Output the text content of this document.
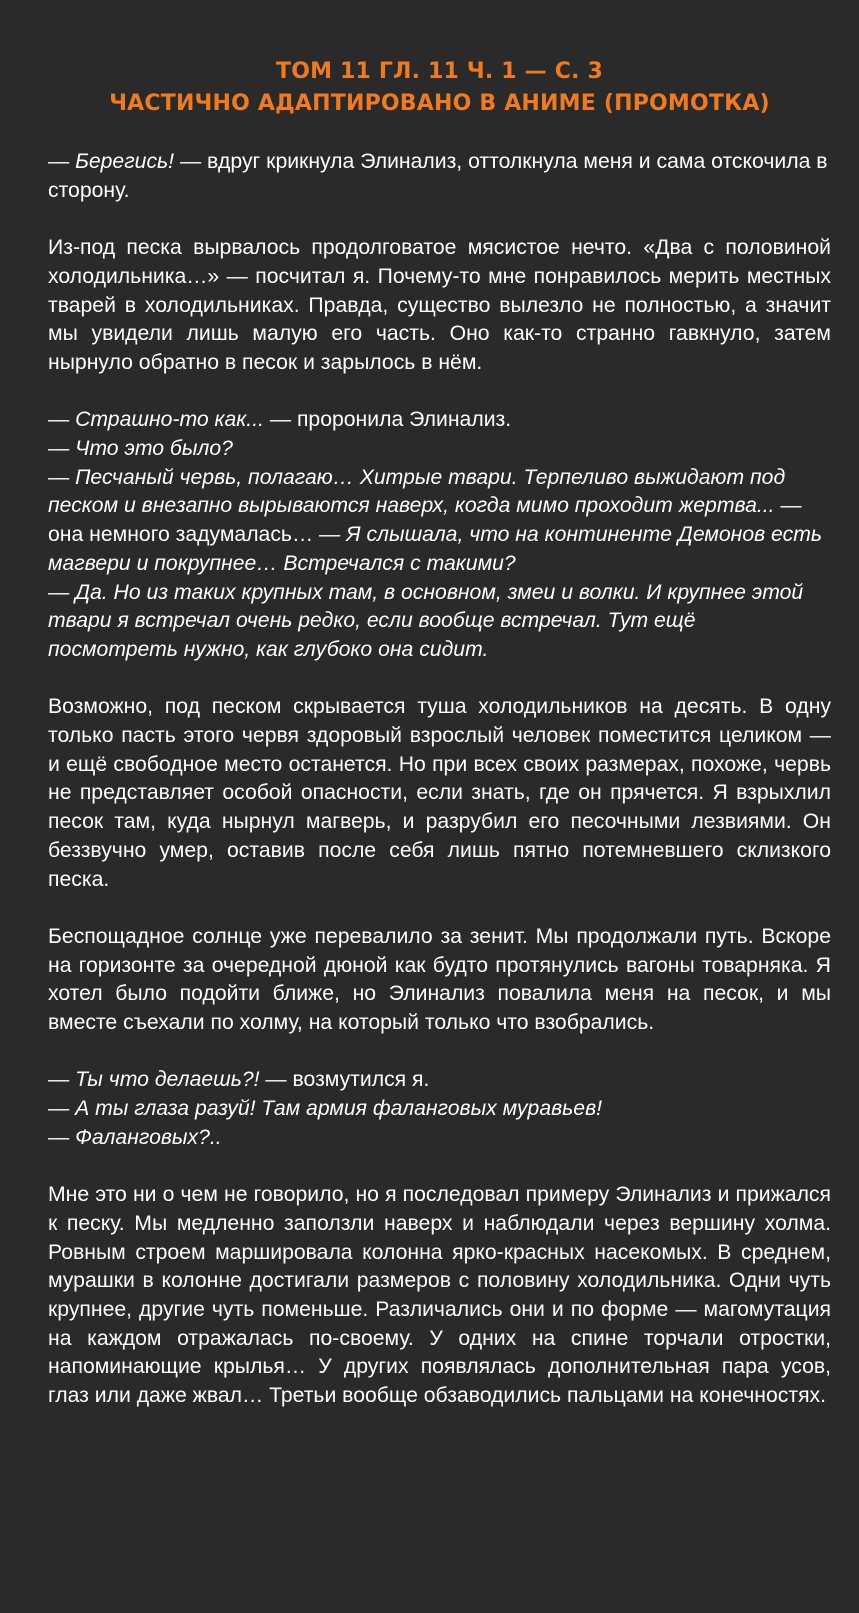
ТОМ 11 ГЛ. 11 Ч. 1 — С. 3
ЧАСТИЧНО АДАПТИРОВАНО В АНИМЕ (ПРОМОТКА)
— Берегись! — вдруг крикнула Элинализ, оттолкнула меня и сама отскочила в сторону.
Из-под песка вырвалось продолговатое мясистое нечто. «Два с половиной холодильника…» — посчитал я. Почему-то мне понравилось мерить местных тварей в холодильниках. Правда, существо вылезло не полностью, а значит мы увидели лишь малую его часть. Оно как-то странно гавкнуло, затем нырнуло обратно в песок и зарылось в нём.
— Страшно-то как... — проронила Элинализ.
— Что это было?
— Песчаный червь, полагаю… Хитрые твари. Терпеливо выжидают под песком и внезапно вырываются наверх, когда мимо проходит жертва... — она немного задумалась… — Я слышала, что на континенте Демонов есть магвери и покрупнее… Встречался с такими?
— Да. Но из таких крупных там, в основном, змеи и волки. И крупнее этой твари я встречал очень редко, если вообще встречал. Тут ещё посмотреть нужно, как глубоко она сидит.
Возможно, под песком скрывается туша холодильников на десять. В одну только пасть этого червя здоровый взрослый человек поместится целиком — и ещё свободное место останется. Но при всех своих размерах, похоже, червь не представляет особой опасности, если знать, где он прячется. Я взрыхлил песок там, куда нырнул магверь, и разрубил его песочными лезвиями. Он беззвучно умер, оставив после себя лишь пятно потемневшего склизкого песка.
Беспощадное солнце уже перевалило за зенит. Мы продолжали путь. Вскоре на горизонте за очередной дюной как будто протянулись вагоны товарняка. Я хотел было подойти ближе, но Элинализ повалила меня на песок, и мы вместе съехали по холму, на который только что взобрались.
— Ты что делаешь?! — возмутился я.
— А ты глаза разуй! Там армия фаланговых муравьев!
— Фаланговых?..
Мне это ни о чем не говорило, но я последовал примеру Элинализ и прижался к песку. Мы медленно заползли наверх и наблюдали через вершину холма. Ровным строем маршировала колонна ярко-красных насекомых. В среднем, мурашки в колонне достигали размеров с половину холодильника. Одни чуть крупнее, другие чуть поменьше. Различались они и по форме — магомутация на каждом отражалась по-своему. У одних на спине торчали отростки, напоминающие крылья… У других появлялась дополнительная пара усов, глаз или даже жвал… Третьи вообще обзаводились пальцами на конечностях.
